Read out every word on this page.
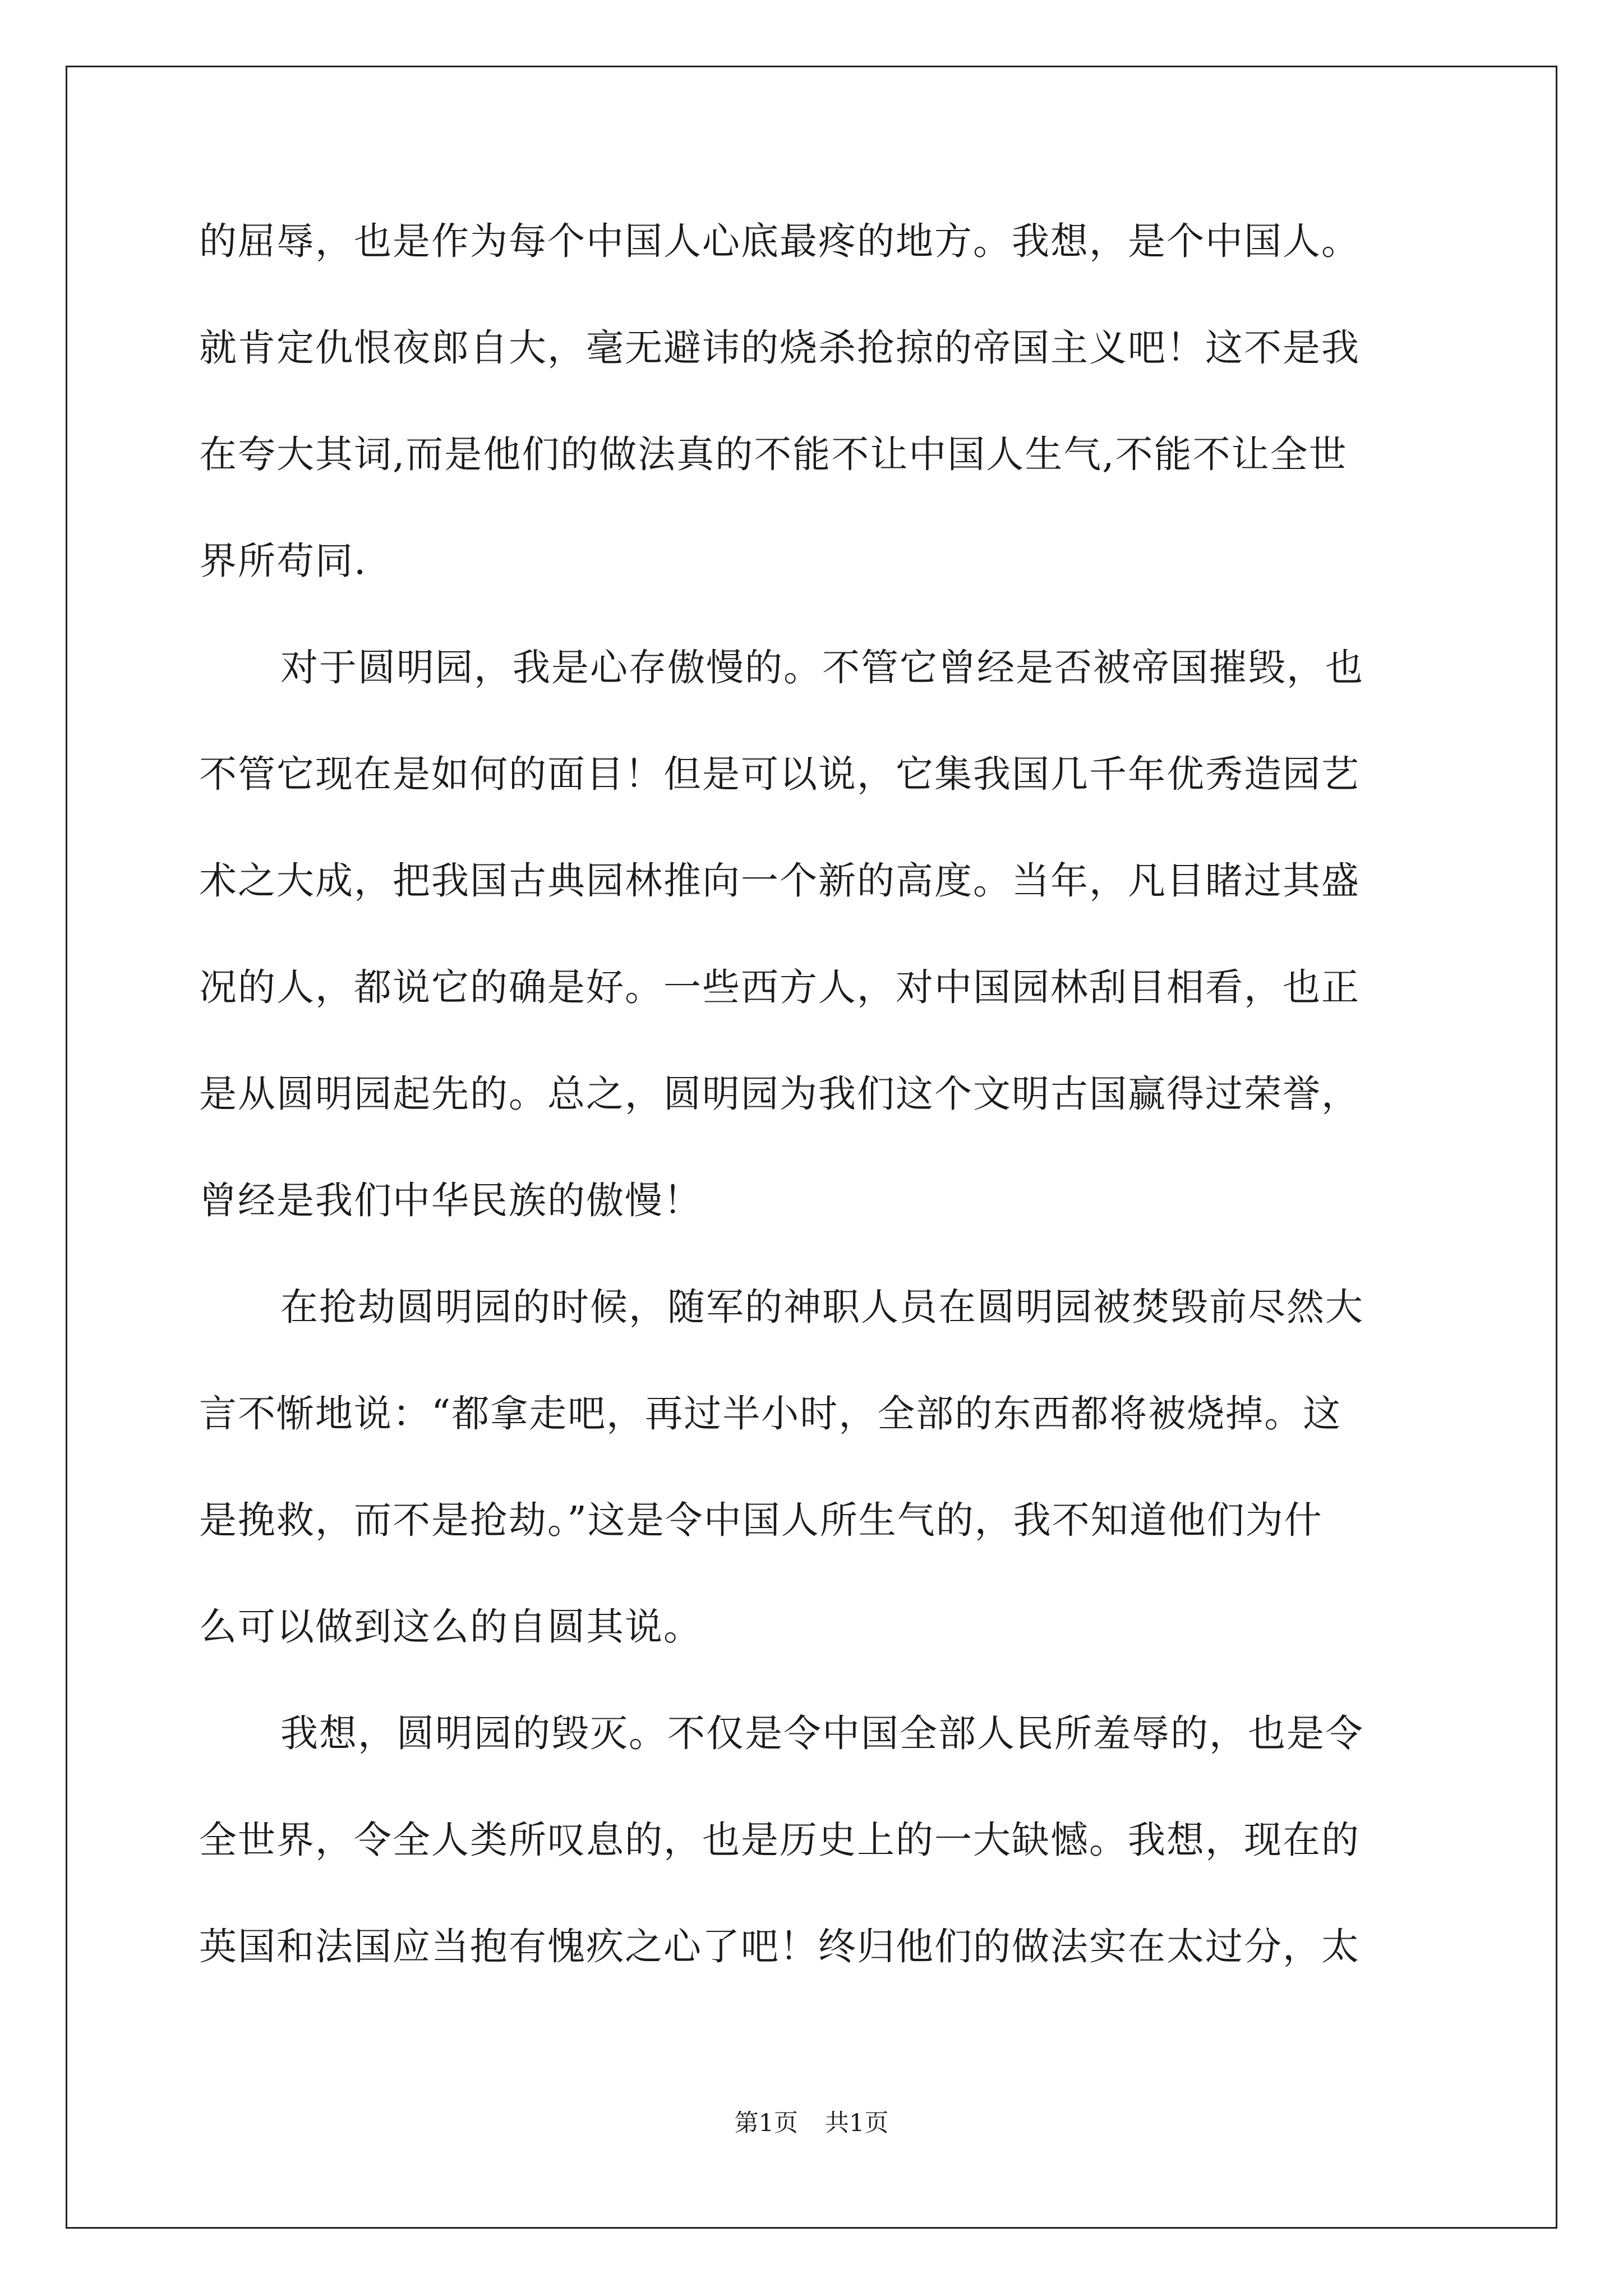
的屈辱，也是作为每个中国人心底最疼的地方。我想，是个中国人。
就肯定仇恨夜郎自大，毫无避讳的烧杀抢掠的帝国主义吧！这不是我
在夸大其词,而是他们的做法真的不能不让中国人生气,不能不让全世
界所苟同.
对于圆明园，我是心存傲慢的。不管它曾经是否被帝国摧毁，也
不管它现在是如何的面目！但是可以说，它集我国几千年优秀造园艺
术之大成，把我国古典园林推向一个新的高度。当年，凡目睹过其盛
况的人，都说它的确是好。一些西方人，对中国园林刮目相看，也正
是从圆明园起先的。总之，圆明园为我们这个文明古国赢得过荣誉，
曾经是我们中华民族的傲慢！
在抢劫圆明园的时候，随军的神职人员在圆明园被焚毁前尽然大
言不惭地说：“都拿走吧，再过半小时，全部的东西都将被烧掉。这
是挽救，而不是抢劫。”这是令中国人所生气的，我不知道他们为什
么可以做到这么的自圆其说。
我想，圆明园的毁灭。不仅是令中国全部人民所羞辱的，也是令
全世界，令全人类所叹息的，也是历史上的一大缺憾。我想，现在的
英国和法国应当抱有愧疚之心了吧！终归他们的做法实在太过分，太
第1页 共1页
